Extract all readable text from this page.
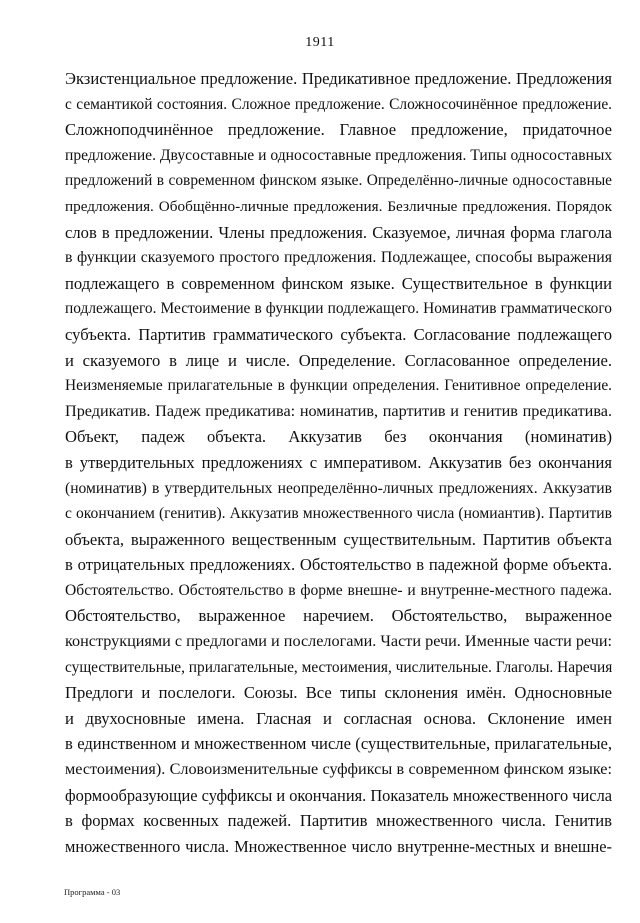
1911
Экзистенциальное предложение. Предикативное предложение. Предложения
с семантикой состояния. Сложное предложение. Сложносочинённое предложение.
Сложноподчинённое предложение. Главное предложение, придаточное
предложение. Двусоставные и односоставные предложения. Типы односоставных
предложений в современном финском языке. Определённо-личные односоставные
предложения. Обобщённо-личные предложения. Безличные предложения. Порядок
слов в предложении. Члены предложения. Сказуемое, личная форма глагола
в функции сказуемого простого предложения. Подлежащее, способы выражения
подлежащего в современном финском языке. Существительное в функции
подлежащего. Местоимение в функции подлежащего. Номинатив грамматического
субъекта. Партитив грамматического субъекта. Согласование подлежащего
и сказуемого в лице и числе. Определение. Согласованное определение.
Неизменяемые прилагательные в функции определения. Генитивное определение.
Предикатив. Падеж предикатива: номинатив, партитив и генитив предикатива.
Объект, падеж объекта. Аккузатив без окончания (номинатив)
в утвердительных предложениях с императивом. Аккузатив без окончания
(номинатив) в утвердительных неопределённо-личных предложениях. Аккузатив
с окончанием (генитив). Аккузатив множественного числа (номиантив). Партитив
объекта, выраженного вещественным существительным. Партитив объекта
в отрицательных предложениях. Обстоятельство в падежной форме объекта.
Обстоятельство. Обстоятельство в форме внешне- и внутренне-местного падежа.
Обстоятельство, выраженное наречием. Обстоятельство, выраженное
конструкциями с предлогами и послелогами. Части речи. Именные части речи:
существительные, прилагательные, местоимения, числительные. Глаголы. Наречия
Предлоги и послелоги. Союзы. Все типы склонения имён. Односновные
и двухосновные имена. Гласная и согласная основа. Склонение имен
в единственном и множественном числе (существительные, прилагательные,
местоимения). Словоизменительные суффиксы в современном финском языке:
формообразующие суффиксы и окончания. Показатель множественного числа
в формах косвенных падежей. Партитив множественного числа. Генитив
множественного числа. Множественное число внутренне-местных и внешне-
Программа - 03
